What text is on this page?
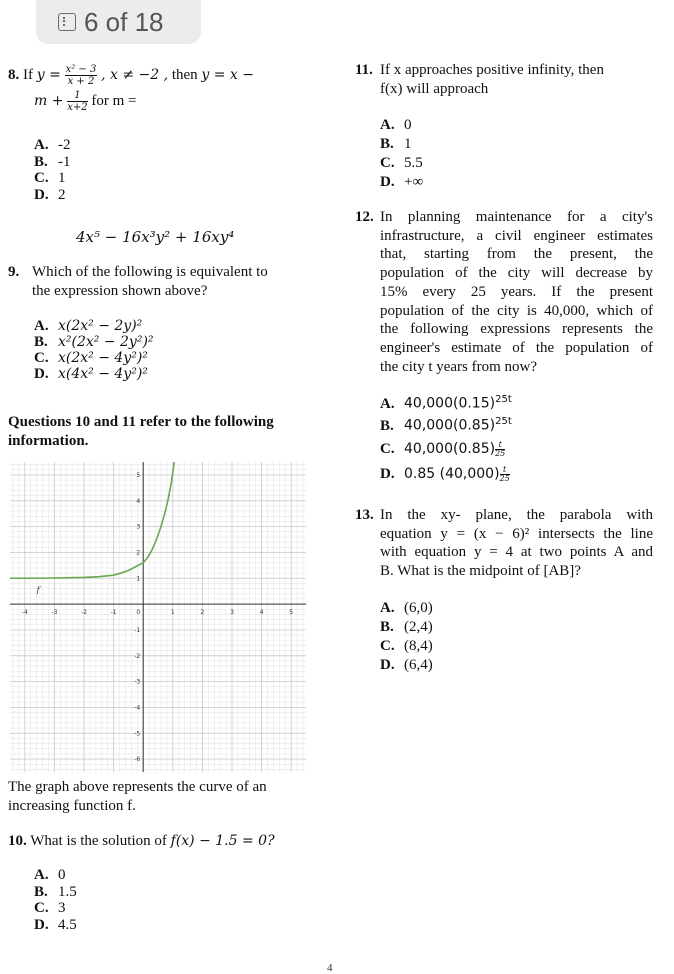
6 of 18
8. If $y = \frac{\text{x² − 3}}{x + 2}$ , x ≠ −2 , then y = x −
$m + \frac{1}{x+2}$ for m =
A. -2
B. -1
C. 1
D. 2
4x⁵ − 16x³y² + 16xy⁴
9. Which of the following is equivalent to
the expression shown above?
A. x(2x² − 2y)²
B. x²(2x² − 2y²)²
C. x(2x² − 4y²)²
D. x(4x² − 4y²)²
Questions 10 and 11 refer to the following
information.
-4	-3	-2	-1	1	2	3	4	5
0
5
4
3
2
1
-1
-2
-3
-4
-5
-6
f
The graph above represents the curve of an
increasing function f.
10. What is the solution of f(x) − 1.5 = 0?
A. 0
B. 1.5
C. 3
D. 4.5
11. If x approaches positive infinity, then
f(x) will approach
A. 0
B. 1
C. 5.5
D. +∞
12. In planning maintenance for a city's
infrastructure, a civil engineer estimates
that, starting from the present, the
population of the city will decrease by
15% every 25 years. If the present
population of the city is 40,000, which of
the following expressions represents the
engineer's estimate of the population of
the city t years from now?
A. $40,000(0.15)^{25t}$
B. $40,000(0.85)^{25t}$
C. $40,000(0.85) \frac{t}{25}$
D. 0.85 $(40,000) \frac{t}{25}$
13. In the xy- plane, the parabola with
equation y = (x − 6)² intersects the line
with equation y = 4 at two points A and
B. What is the midpoint of [AB]?
A. (6,0)
B. (2,4)
C. (8,4)
D. (6,4)
4
